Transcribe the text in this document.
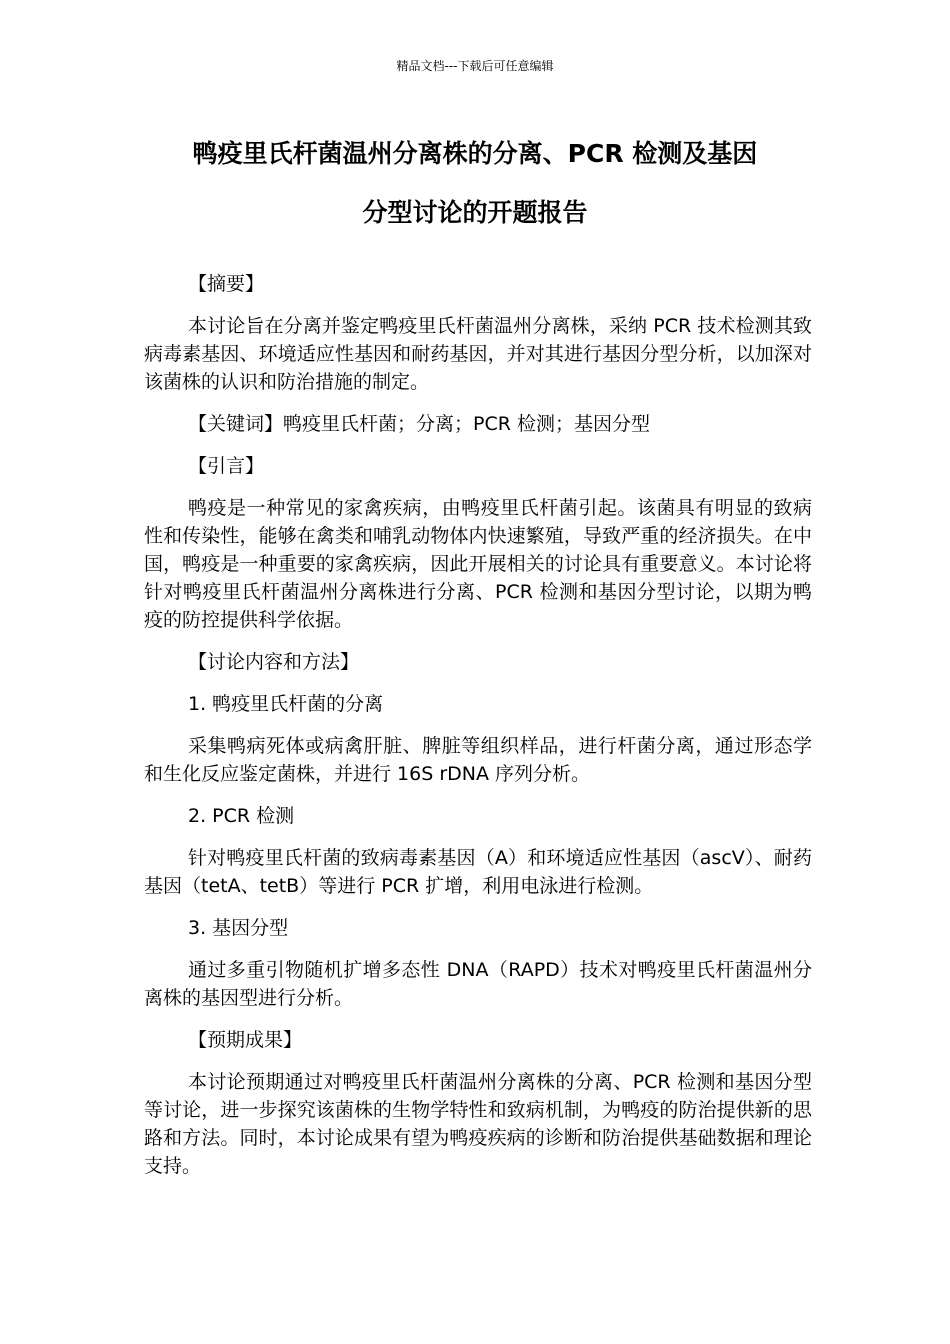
精品文档---下载后可任意编辑
鸭疫里氏杆菌温州分离株的分离、PCR 检测及基因
分型讨论的开题报告

【摘要】

本讨论旨在分离并鉴定鸭疫里氏杆菌温州分离株，采纳 PCR 技术检测其致病毒素基因、环境适应性基因和耐药基因，并对其进行基因分型分析，以加深对该菌株的认识和防治措施的制定。

【关键词】鸭疫里氏杆菌；分离；PCR 检测；基因分型

【引言】

鸭疫是一种常见的家禽疾病，由鸭疫里氏杆菌引起。该菌具有明显的致病性和传染性，能够在禽类和哺乳动物体内快速繁殖，导致严重的经济损失。在中国，鸭疫是一种重要的家禽疾病，因此开展相关的讨论具有重要意义。本讨论将针对鸭疫里氏杆菌温州分离株进行分离、PCR 检测和基因分型讨论，以期为鸭疫的防控提供科学依据。

【讨论内容和方法】

1. 鸭疫里氏杆菌的分离

采集鸭病死体或病禽肝脏、脾脏等组织样品，进行杆菌分离，通过形态学和生化反应鉴定菌株，并进行 16S rDNA 序列分析。

2. PCR 检测

针对鸭疫里氏杆菌的致病毒素基因（A）和环境适应性基因（ascV）、耐药基因（tetA、tetB）等进行 PCR 扩增，利用电泳进行检测。

3. 基因分型

通过多重引物随机扩增多态性 DNA（RAPD）技术对鸭疫里氏杆菌温州分离株的基因型进行分析。

【预期成果】

本讨论预期通过对鸭疫里氏杆菌温州分离株的分离、PCR 检测和基因分型等讨论，进一步探究该菌株的生物学特性和致病机制，为鸭疫的防治提供新的思路和方法。同时，本讨论成果有望为鸭疫疾病的诊断和防治提供基础数据和理论支持。
